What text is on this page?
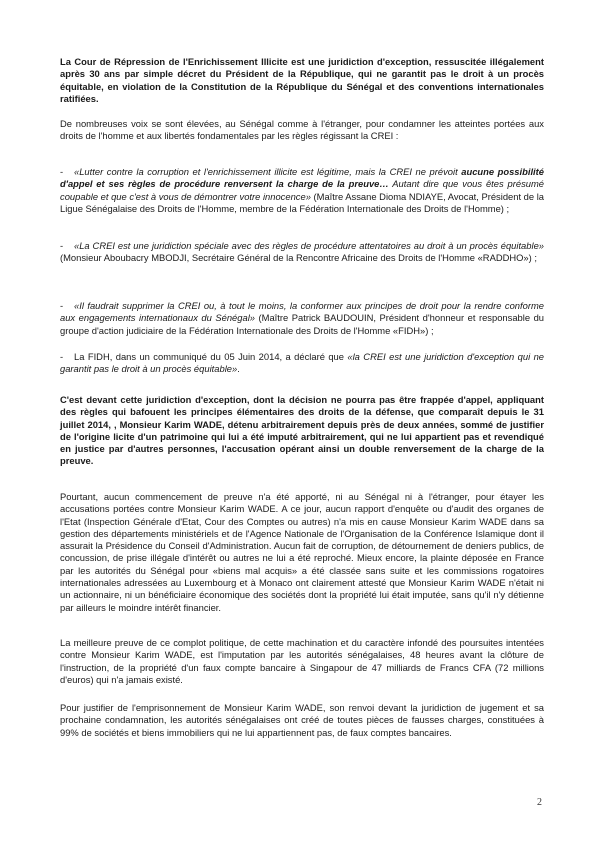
La Cour de Répression de l'Enrichissement Illicite est une juridiction d'exception, ressuscitée illégalement après 30 ans par simple décret du Président de la République, qui ne garantit pas le droit à un procès équitable, en violation de la Constitution de la République du Sénégal et des conventions internationales ratifiées.

De nombreuses voix se sont élevées, au Sénégal comme à l'étranger, pour condamner les atteintes portées aux droits de l'homme et aux libertés fondamentales par les règles régissant la CREI :

- «Lutter contre la corruption et l'enrichissement illicite est légitime, mais la CREI ne prévoit aucune possibilité d'appel et ses règles de procédure renversent la charge de la preuve… Autant dire que vous êtes présumé coupable et que c'est à vous de démontrer votre innocence» (Maître Assane Dioma NDIAYE, Avocat, Président de la Ligue Sénégalaise des Droits de l'Homme, membre de la Fédération Internationale des Droits de l'Homme) ;

- «La CREI est une juridiction spéciale avec des règles de procédure attentatoires au droit à un procès équitable» (Monsieur Aboubacry MBODJI, Secrétaire Général de la Rencontre Africaine des Droits de l'Homme «RADDHO») ;

- «Il faudrait supprimer la CREI ou, à tout le moins, la conformer aux principes de droit pour la rendre conforme aux engagements internationaux du Sénégal» (Maître Patrick BAUDOUIN, Président d'honneur et responsable du groupe d'action judiciaire de la Fédération Internationale des Droits de l'Homme «FIDH») ;

- La FIDH, dans un communiqué du 05 Juin 2014, a déclaré que «la CREI est une juridiction d'exception qui ne garantit pas le droit à un procès équitable».

C'est devant cette juridiction d'exception, dont la décision ne pourra pas être frappée d'appel, appliquant des règles qui bafouent les principes élémentaires des droits de la défense, que comparaît depuis le 31 juillet 2014, , Monsieur Karim WADE, détenu arbitrairement depuis près de deux années, sommé de justifier de l'origine licite d'un patrimoine qui lui a été imputé arbitrairement, qui ne lui appartient pas et revendiqué en justice par d'autres personnes, l'accusation opérant ainsi un double renversement de la charge de la preuve.

Pourtant, aucun commencement de preuve n'a été apporté, ni au Sénégal ni à l'étranger, pour étayer les accusations portées contre Monsieur Karim WADE. A ce jour, aucun rapport d'enquête ou d'audit des organes de l'Etat (Inspection Générale d'Etat, Cour des Comptes ou autres) n'a mis en cause Monsieur Karim WADE dans sa gestion des départements ministériels et de l'Agence Nationale de l'Organisation de la Conférence Islamique dont il assurait la Présidence du Conseil d'Administration. Aucun fait de corruption, de détournement de deniers publics, de concussion, de prise illégale d'intérêt ou autres ne lui a été reproché. Mieux encore, la plainte déposée en France par les autorités du Sénégal pour «biens mal acquis» a été classée sans suite et les commissions rogatoires internationales adressées au Luxembourg et à Monaco ont clairement attesté que Monsieur Karim WADE n'était ni un actionnaire, ni un bénéficiaire économique des sociétés dont la propriété lui était imputée, sans qu'il n'y détienne par ailleurs le moindre intérêt financier.

La meilleure preuve de ce complot politique, de cette machination et du caractère infondé des poursuites intentées contre Monsieur Karim WADE, est l'imputation par les autorités sénégalaises, 48 heures avant la clôture de l'instruction, de la propriété d'un faux compte bancaire à Singapour de 47 milliards de Francs CFA (72 millions d'euros) qui n'a jamais existé.

Pour justifier de l'emprisonnement de Monsieur Karim WADE, son renvoi devant la juridiction de jugement et sa prochaine condamnation, les autorités sénégalaises ont créé de toutes pièces de fausses charges, constituées à 99% de sociétés et biens immobiliers qui ne lui appartiennent pas, de faux comptes bancaires.

2
